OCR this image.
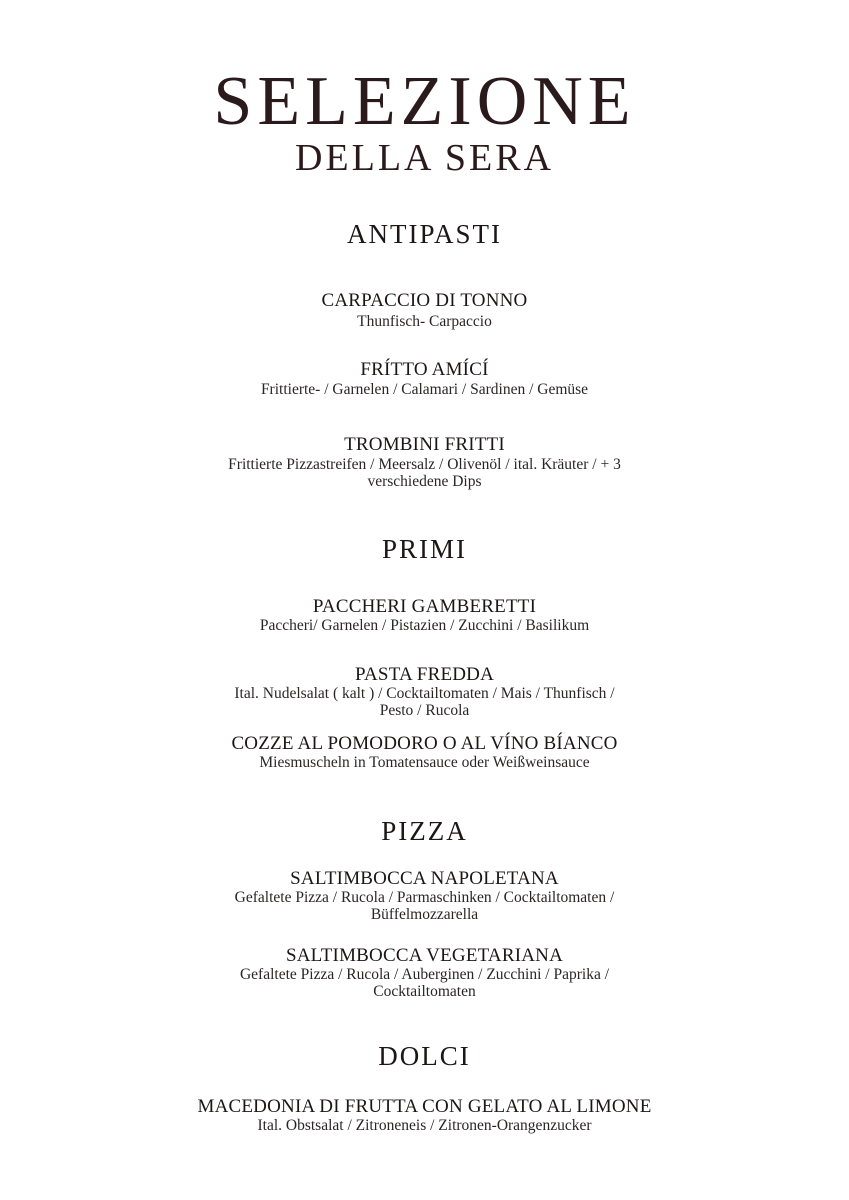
SELEZIONE
DELLA SERA
ANTIPASTI

CARPACCIO DI TONNO

Thunfisch- Carpaccio

FRÍTTO AMÍCÍ

Frittierte- / Garnelen / Calamari / Sardinen / Gemüse

TROMBINI FRITTI

Frittierte Pizzastreifen / Meersalz / Olivenöl / ital. Kräuter / + 3

verschiedene Dips

PRIMI

PACCHERI GAMBERETTI

Paccheri/ Garnelen / Pistazien / Zucchini / Basilikum

PASTA FREDDA

Ital. Nudelsalat ( kalt ) / Cocktailtomaten / Mais / Thunfisch /

Pesto / Rucola

COZZE AL POMODORO O AL VÍNO BÍANCO

Miesmuscheln in Tomatensauce oder Weißweinsauce

PIZZA

SALTIMBOCCA NAPOLETANA

Gefaltete Pizza / Rucola / Parmaschinken / Cocktailtomaten /

Büffelmozzarella

SALTIMBOCCA VEGETARIANA

Gefaltete Pizza / Rucola / Auberginen / Zucchini / Paprika /

Cocktailtomaten

DOLCI

MACEDONIA DI FRUTTA CON GELATO AL LIMONE

Ital. Obstsalat / Zitroneneis / Zitronen-Orangenzucker
